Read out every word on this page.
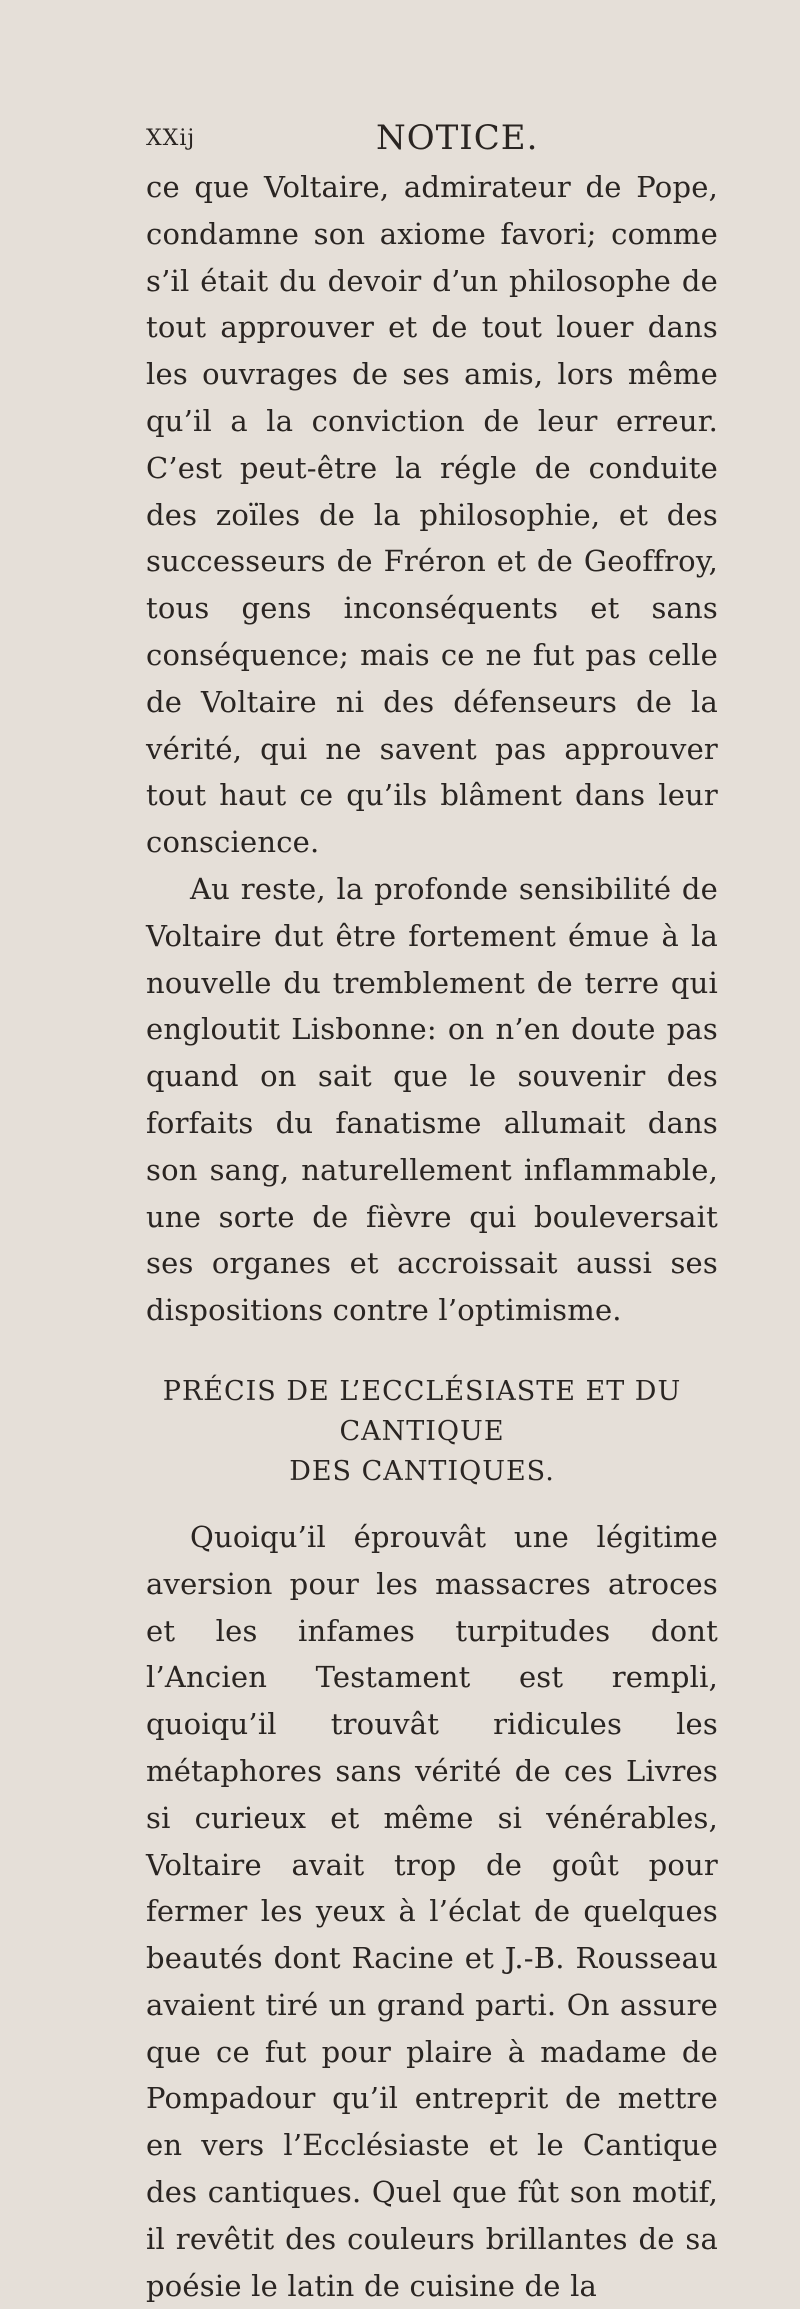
XXij	NOTICE.

ce que Voltaire, admirateur de Pope, condamne son axiome favori; comme s’il était du devoir d’un philosophe de tout approuver et de tout louer dans les ouvrages de ses amis, lors même qu’il a la conviction de leur erreur. C’est peut-être la régle de conduite des zoïles de la philosophie, et des successeurs de Fréron et de Geoffroy, tous gens inconséquents et sans conséquence; mais ce ne fut pas celle de Voltaire ni des défenseurs de la vérité, qui ne savent pas approuver tout haut ce qu’ils blâment dans leur conscience.

Au reste, la profonde sensibilité de Voltaire dut être fortement émue à la nouvelle du tremblement de terre qui engloutit Lisbonne: on n’en doute pas quand on sait que le souvenir des forfaits du fanatisme allumait dans son sang, naturellement inflammable, une sorte de fièvre qui bouleversait ses organes et accroissait aussi ses dispositions contre l’optimisme.

PRÉCIS DE L’ECCLÉSIASTE ET DU CANTIQUE
DES CANTIQUES.

Quoiqu’il éprouvât une légitime aversion pour les massacres atroces et les infames turpitudes dont l’Ancien Testament est rempli, quoiqu’il trouvât ridicules les métaphores sans vérité de ces Livres si curieux et même si vénérables, Voltaire avait trop de goût pour fermer les yeux à l’éclat de quelques beautés dont Racine et J.-B. Rousseau avaient tiré un grand parti. On assure que ce fut pour plaire à madame de Pompadour qu’il entreprit de mettre en vers l’Ecclésiaste et le Cantique des cantiques. Quel que fût son motif, il revêtit des couleurs brillantes de sa poésie le latin de cuisine de la
